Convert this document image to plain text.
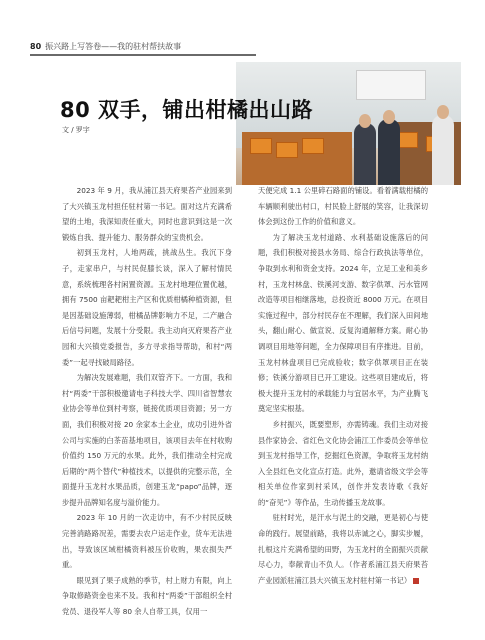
80 振兴路上写答卷——我的驻村帮扶故事
80 双手，铺出柑橘出山路
文 / 罗宇

2023 年 9 月，我从浦江县天府果苔产业园来到了大兴镇玉龙村担任驻村第一书记。面对这片充满希望的土地，我深知责任重大，同时也意识到这是一次锻炼自我、提升能力、服务群众的宝贵机会。

初到玉龙村，人地两疏，挑战丛生。我沉下身子，走家串户，与村民促膝长谈，深入了解村情民意，系统梳理各村闲置资源。玉龙村地理位置优越，拥有 7500 亩耙耙柑主产区和优质柑橘种植资源，但是因基础设施薄弱，柑橘品牌影响力不足，二产融合后信号问题，发展十分受限。我主动向灭府果苔产业园和大兴镇党委报告，多方寻求指导帮助，和村“两委”一起寻找破局路径。

为解决发展难题，我们双管齐下。一方面，我和村“两委”干部积极邀请电子科技大学、四川省智慧农业协会等单位到村考察，链接优质项目资源；另一方面，我们积极对接 20 余家本土企业，成功引进外省公司与实施的白茶苗基地项目，该项目去年在村收购价值约 150 万元的水果。此外，我们推动全村完成后期的“两个替代”种植技术，以提供的完整示范，全面提升玉龙村水果品质，创建玉龙“papo”品牌，逐步提升品牌知名度与溢价能力。

2023 年 10 月的一次走访中，有不少村民反映完善消路路况差，需要去农户运走作业，货车无法进出，导致该区域柑橘资料被压价收购，果农损失严重。

眼见到了果子成熟的季节，村上财力有限，向上争取修路资金也来不及。我和村“两委”干部组织全村党员、退役军人等 80 余人自带工具，仅用一

天便完成 1.1 公里碎石路面的铺设。看着满载柑橘的车辆顺利驶出村口，村民脸上舒展的笑容，让我深切体会到这份工作的价值和意义。

为了解决玉龙村道路、水利基础设施落后的问题，我们积极对接县水务局、综合行政执法等单位，争取到水利和资金支持。2024 年，立足工业和美乡村，玉龙村林盘、铁溪河支游、数字供罩、污水管网改造等项目相继落地，总投资近 8000 万元。在项目实施过程中，部分村民存在不理解，我们深入田间地头，翻山耐心、做宣说、反复沟通解释方案。耐心协调项目用地等问题，全力保障项目有序推进。目前，玉龙村林盘项目已完成验收；数字供罩项目正在装修；铁溪分游项目已开工建设。这些项目建成后，将极大提升玉龙村的承载能力与宜居水平，为产业腾飞奠定坚实根基。

乡村振兴，既要塑形，亦需铸魂。我们主动对接县作家协会、省红色文化协会浦江工作委员会等单位到玉龙村指导工作，挖掘红色资源，争取将玉龙村纳入全县红色文化宣点打造。此外，邀请省级文学会等相关单位作家到村采风，创作并发表诗歌《我好的“奋见”》等作品，生动传播玉龙故事。

驻村时光，是汗水与泥土的交融，更是初心与使命的践行。展望前路，我将以赤诚之心，脚实步履，扎根这片充满希望的田野，为玉龙村的全面振兴贡献尽心力，奉献青山不负人。（作者系浦江县天府果苔产业园派驻浦江县大兴镇玉龙村驻村第一书记）
